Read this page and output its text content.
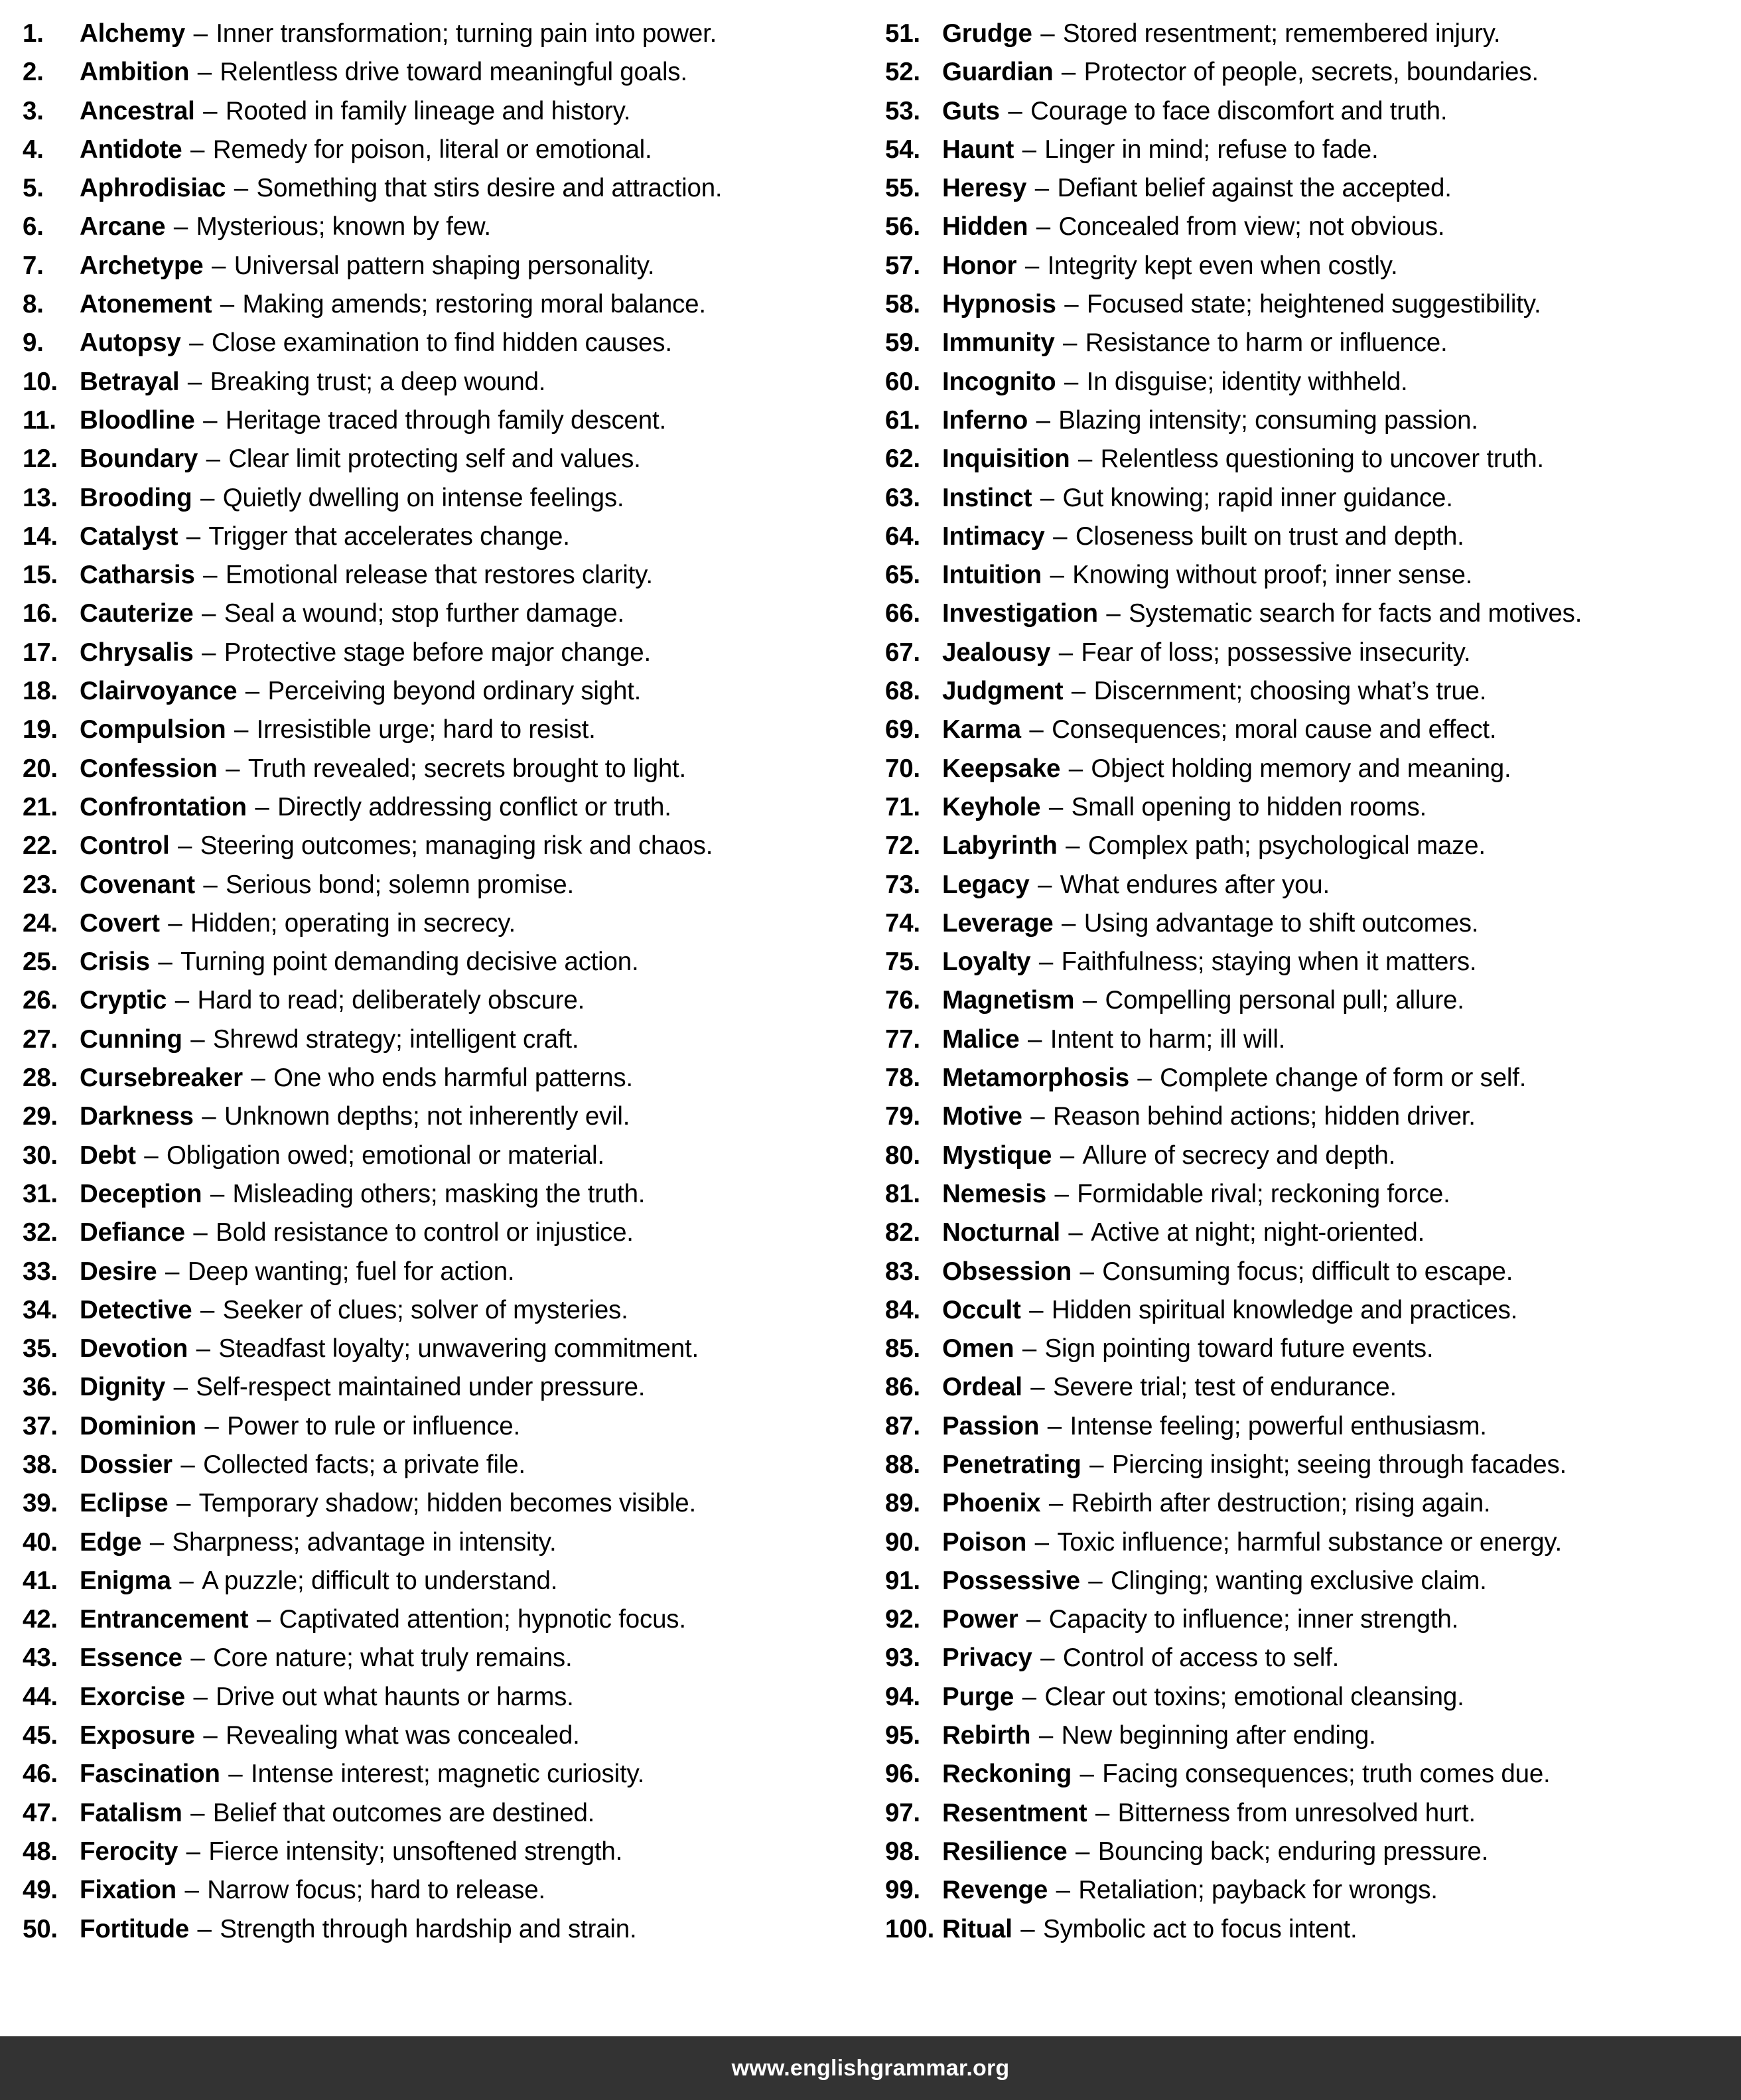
1.	Alchemy
–
Inner transformation; turning pain into power.
2.	Ambition
–
Relentless drive toward meaningful goals.
3.	Ancestral
–
Rooted in family lineage and history.
4.	Antidote
–
Remedy for poison, literal or emotional.
5.	Aphrodisiac
–
Something that stirs desire and attraction.
6.	Arcane
–
Mysterious; known by few.
7.	Archetype
–
Universal pattern shaping personality.
8.	Atonement
–
Making amends; restoring moral balance.
9.	Autopsy
–
Close examination to find hidden causes.
10. Betrayal
–
Breaking trust; a deep wound.
11. Bloodline
–
Heritage traced through family descent.
12. Boundary
–
Clear limit protecting self and values.
13. Brooding
–
Quietly dwelling on intense feelings.
14. Catalyst
–
Trigger that accelerates change.
15. Catharsis
–
Emotional release that restores clarity.
16. Cauterize
–
Seal a wound; stop further damage.
17. Chrysalis
–
Protective stage before major change.
18. Clairvoyance
–
Perceiving beyond ordinary sight.
19. Compulsion
–
Irresistible urge; hard to resist.
20. Confession
–
Truth revealed; secrets brought to light.
21. Confrontation
–
Directly addressing conflict or truth.
22. Control
–
Steering outcomes; managing risk and chaos.
23. Covenant
–
Serious bond; solemn promise.
24. Covert
–
Hidden; operating in secrecy.
25. Crisis
–
Turning point demanding decisive action.
26. Cryptic
–
Hard to read; deliberately obscure.
27. Cunning
–
Shrewd strategy; intelligent craft.
28. Cursebreaker
–
One who ends harmful patterns.
29. Darkness
–
Unknown depths; not inherently evil.
30. Debt
–
Obligation owed; emotional or material.
31. Deception
–
Misleading others; masking the truth.
32. Defiance
–
Bold resistance to control or injustice.
33. Desire
–
Deep wanting; fuel for action.
34. Detective
–
Seeker of clues; solver of mysteries.
35. Devotion
–
Steadfast loyalty; unwavering commitment.
36. Dignity
–
Self-respect maintained under pressure.
37. Dominion
–
Power to rule or influence.
38. Dossier
–
Collected facts; a private file.
39. Eclipse
–
Temporary shadow; hidden becomes visible.
40. Edge
–
Sharpness; advantage in intensity.
41. Enigma
–
A puzzle; difficult to understand.
42. Entrancement
–
Captivated attention; hypnotic focus.
43. Essence
–
Core nature; what truly remains.
44. Exorcise
–
Drive out what haunts or harms.
45. Exposure
–
Revealing what was concealed.
46. Fascination
–
Intense interest; magnetic curiosity.
47. Fatalism
–
Belief that outcomes are destined.
48. Ferocity
–
Fierce intensity; unsoftened strength.
49. Fixation
–
Narrow focus; hard to release.
50. Fortitude
–
Strength through hardship and strain.
51. Grudge
–
Stored resentment; remembered injury.
52. Guardian
–
Protector of people, secrets, boundaries.
53. Guts
–
Courage to face discomfort and truth.
54. Haunt
–
Linger in mind; refuse to fade.
55. Heresy
–
Defiant belief against the accepted.
56. Hidden
–
Concealed from view; not obvious.
57. Honor
–
Integrity kept even when costly.
58. Hypnosis
–
Focused state; heightened suggestibility.
59. Immunity
–
Resistance to harm or influence.
60. Incognito
–
In disguise; identity withheld.
61. Inferno
–
Blazing intensity; consuming passion.
62. Inquisition
–
Relentless questioning to uncover truth.
63. Instinct
–
Gut knowing; rapid inner guidance.
64. Intimacy
–
Closeness built on trust and depth.
65. Intuition
–
Knowing without proof; inner sense.
66. Investigation
–
Systematic search for facts and motives.
67. Jealousy
–
Fear of loss; possessive insecurity.
68. Judgment
–
Discernment; choosing what’s true.
69. Karma
–
Consequences; moral cause and effect.
70. Keepsake
–
Object holding memory and meaning.
71. Keyhole
–
Small opening to hidden rooms.
72. Labyrinth
–
Complex path; psychological maze.
73. Legacy
–
What endures after you.
74. Leverage
–
Using advantage to shift outcomes.
75. Loyalty
–
Faithfulness; staying when it matters.
76. Magnetism
–
Compelling personal pull; allure.
77. Malice
–
Intent to harm; ill will.
78. Metamorphosis
–
Complete change of form or self.
79. Motive
–
Reason behind actions; hidden driver.
80. Mystique
–
Allure of secrecy and depth.
81. Nemesis
–
Formidable rival; reckoning force.
82. Nocturnal
–
Active at night; night-oriented.
83. Obsession
–
Consuming focus; difficult to escape.
84. Occult
–
Hidden spiritual knowledge and practices.
85. Omen
–
Sign pointing toward future events.
86. Ordeal
–
Severe trial; test of endurance.
87. Passion
–
Intense feeling; powerful enthusiasm.
88. Penetrating
–
Piercing insight; seeing through facades.
89. Phoenix
–
Rebirth after destruction; rising again.
90. Poison
–
Toxic influence; harmful substance or energy.
91. Possessive
–
Clinging; wanting exclusive claim.
92. Power
–
Capacity to influence; inner strength.
93. Privacy
–
Control of access to self.
94. Purge
–
Clear out toxins; emotional cleansing.
95. Rebirth
–
New beginning after ending.
96. Reckoning
–
Facing consequences; truth comes due.
97. Resentment
–
Bitterness from unresolved hurt.
98. Resilience
–
Bouncing back; enduring pressure.
99. Revenge
–
Retaliation; payback for wrongs.
100. Ritual
–
Symbolic act to focus intent.
www.englishgrammar.org
